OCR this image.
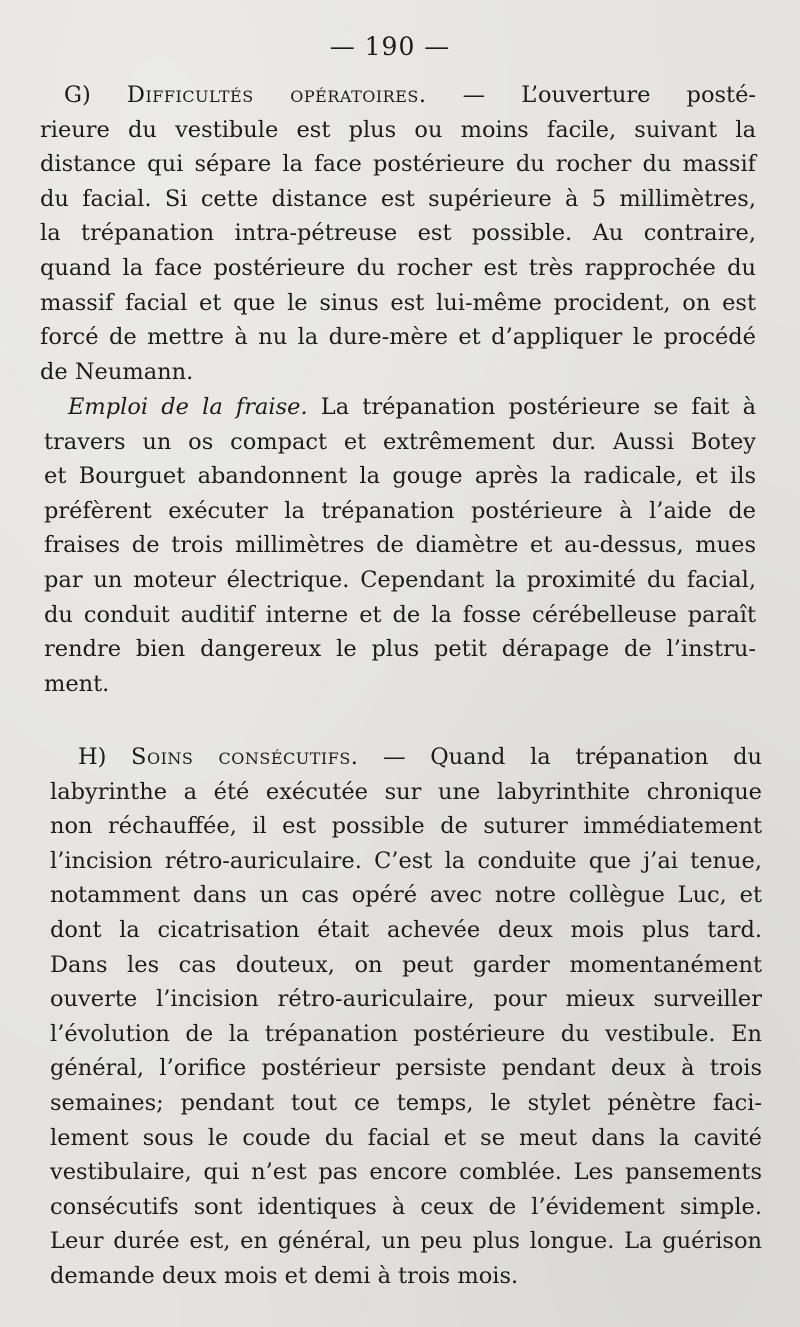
— 190 —
G) Difficultés opératoires. — L’ouverture posté-
rieure du vestibule est plus ou moins facile, suivant la
distance qui sépare la face postérieure du rocher du massif
du facial. Si cette distance est supérieure à 5 millimètres,
la trépanation intra-pétreuse est possible. Au contraire,
quand la face postérieure du rocher est très rapprochée du
massif facial et que le sinus est lui-même procident, on est
forcé de mettre à nu la dure-mère et d’appliquer le procédé
de Neumann.
Emploi de la fraise. La trépanation postérieure se fait à
travers un os compact et extrêmement dur. Aussi Botey
et Bourguet abandonnent la gouge après la radicale, et ils
préfèrent exécuter la trépanation postérieure à l’aide de
fraises de trois millimètres de diamètre et au-dessus, mues
par un moteur électrique. Cependant la proximité du facial,
du conduit auditif interne et de la fosse cérébelleuse paraît
rendre bien dangereux le plus petit dérapage de l’instru-
ment.
H) Soins consécutifs. — Quand la trépanation du
labyrinthe a été exécutée sur une labyrinthite chronique
non réchauffée, il est possible de suturer immédiatement
l’incision rétro-auriculaire. C’est la conduite que j’ai tenue,
notamment dans un cas opéré avec notre collègue Luc, et
dont la cicatrisation était achevée deux mois plus tard.
Dans les cas douteux, on peut garder momentanément
ouverte l’incision rétro-auriculaire, pour mieux surveiller
l’évolution de la trépanation postérieure du vestibule. En
général, l’orifice postérieur persiste pendant deux à trois
semaines; pendant tout ce temps, le stylet pénètre faci-
lement sous le coude du facial et se meut dans la cavité
vestibulaire, qui n’est pas encore comblée. Les pansements
consécutifs sont identiques à ceux de l’évidement simple.
Leur durée est, en général, un peu plus longue. La guérison
demande deux mois et demi à trois mois.
